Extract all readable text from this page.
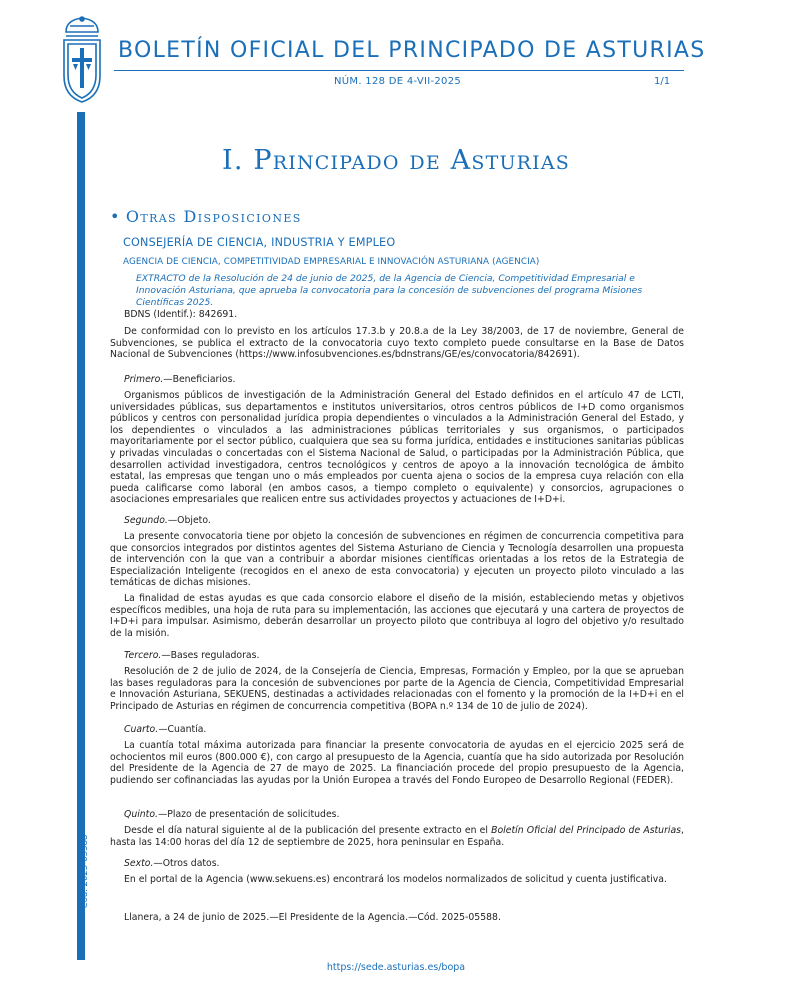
BOLETÍN OFICIAL DEL PRINCIPADO DE ASTURIAS
NÚM. 128 DE 4-VII-2025	1/1
Cód. 2025-05588
I. Principado de Asturias
• Otras Disposiciones
CONSEJERÍA DE CIENCIA, INDUSTRIA Y EMPLEO
AGENCIA DE CIENCIA, COMPETITIVIDAD EMPRESARIAL E INNOVACIÓN ASTURIANA (AGENCIA)
EXTRACTO de la Resolución de 24 de junio de 2025, de la Agencia de Ciencia, Competitividad Empresarial e Innovación Asturiana, que aprueba la convocatoria para la concesión de subvenciones del programa Misiones Científicas 2025.

BDNS (Identif.): 842691.

De conformidad con lo previsto en los artículos 17.3.b y 20.8.a de la Ley 38/2003, de 17 de noviembre, General de Subvenciones, se publica el extracto de la convocatoria cuyo texto completo puede consultarse en la Base de Datos Nacional de Subvenciones (https://www.infosubvenciones.es/bdnstrans/GE/es/convocatoria/842691).

Primero.—Beneficiarios.

Organismos públicos de investigación de la Administración General del Estado definidos en el artículo 47 de LCTI, universidades públicas, sus departamentos e institutos universitarios, otros centros públicos de I+D como organismos públicos y centros con personalidad jurídica propia dependientes o vinculados a la Administración General del Estado, y los dependientes o vinculados a las administraciones públicas territoriales y sus organismos, o participados mayoritariamente por el sector público, cualquiera que sea su forma jurídica, entidades e instituciones sanitarias públicas y privadas vinculadas o concertadas con el Sistema Nacional de Salud, o participadas por la Administración Pública, que desarrollen actividad investigadora, centros tecnológicos y centros de apoyo a la innovación tecnológica de ámbito estatal, las empresas que tengan uno o más empleados por cuenta ajena o socios de la empresa cuya relación con ella pueda calificarse como laboral (en ambos casos, a tiempo completo o equivalente) y consorcios, agrupaciones o asociaciones empresariales que realicen entre sus actividades proyectos y actuaciones de I+D+i.

Segundo.—Objeto.

La presente convocatoria tiene por objeto la concesión de subvenciones en régimen de concurrencia competitiva para que consorcios integrados por distintos agentes del Sistema Asturiano de Ciencia y Tecnología desarrollen una propuesta de intervención con la que van a contribuir a abordar misiones científicas orientadas a los retos de la Estrategia de Especialización Inteligente (recogidos en el anexo de esta convocatoria) y ejecuten un proyecto piloto vinculado a las temáticas de dichas misiones.

La finalidad de estas ayudas es que cada consorcio elabore el diseño de la misión, estableciendo metas y objetivos específicos medibles, una hoja de ruta para su implementación, las acciones que ejecutará y una cartera de proyectos de I+D+i para impulsar. Asimismo, deberán desarrollar un proyecto piloto que contribuya al logro del objetivo y/o resultado de la misión.

Tercero.—Bases reguladoras.

Resolución de 2 de julio de 2024, de la Consejería de Ciencia, Empresas, Formación y Empleo, por la que se aprueban las bases reguladoras para la concesión de subvenciones por parte de la Agencia de Ciencia, Competitividad Empresarial e Innovación Asturiana, SEKUENS, destinadas a actividades relacionadas con el fomento y la promoción de la I+D+i en el Principado de Asturias en régimen de concurrencia competitiva (BOPA n.º 134 de 10 de julio de 2024).

Cuarto.—Cuantía.

La cuantía total máxima autorizada para financiar la presente convocatoria de ayudas en el ejercicio 2025 será de ochocientos mil euros (800.000 €), con cargo al presupuesto de la Agencia, cuantía que ha sido autorizada por Resolución del Presidente de la Agencia de 27 de mayo de 2025. La financiación procede del propio presupuesto de la Agencia, pudiendo ser cofinanciadas las ayudas por la Unión Europea a través del Fondo Europeo de Desarrollo Regional (FEDER).

Quinto.—Plazo de presentación de solicitudes.

Desde el día natural siguiente al de la publicación del presente extracto en el Boletín Oficial del Principado de Asturias, hasta las 14:00 horas del día 12 de septiembre de 2025, hora peninsular en España.

Sexto.—Otros datos.

En el portal de la Agencia (www.sekuens.es) encontrará los modelos normalizados de solicitud y cuenta justificativa.

Llanera, a 24 de junio de 2025.—El Presidente de la Agencia.—Cód. 2025-05588.

https://sede.asturias.es/bopa
